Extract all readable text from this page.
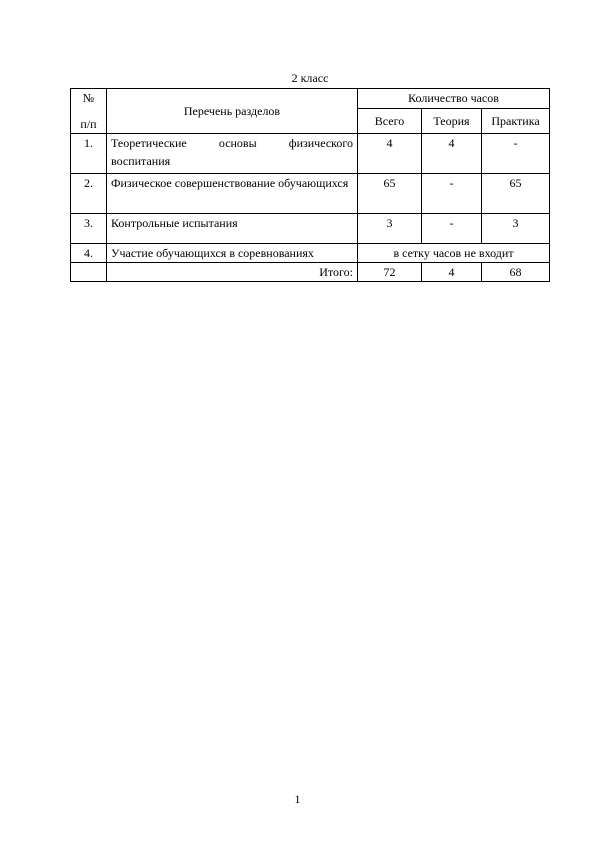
2 класс
№
п/п	Перечень разделов	Количество часов		
		Всего	Теория	Практика
1.	Теоретические основы физического воспитания	4	4	-
2.	Физическое совершенствование обучающихся	65	-	65
3.	Контрольные испытания	3	-	3
4.	Участие обучающихся в соревнованиях	в сетку часов не входит		
	Итого:	72	4	68
1
